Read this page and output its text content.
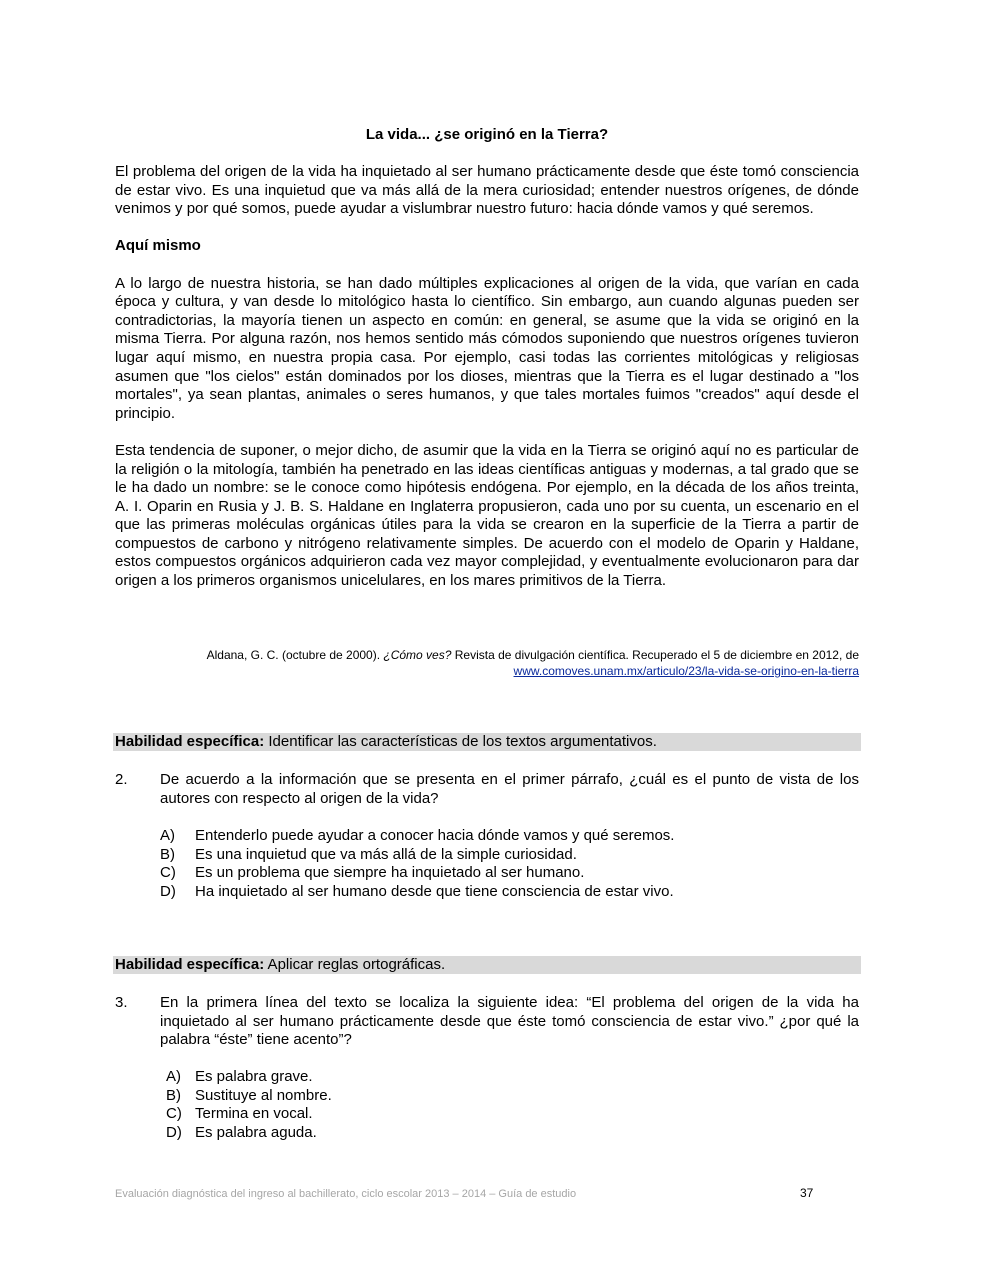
La vida... ¿se originó en la Tierra?

El problema del origen de la vida ha inquietado al ser humano prácticamente desde que éste tomó consciencia de estar vivo. Es una inquietud que va más allá de la mera curiosidad; entender nuestros orígenes, de dónde venimos y por qué somos, puede ayudar a vislumbrar nuestro futuro: hacia dónde vamos y qué seremos.

Aquí mismo

A lo largo de nuestra historia, se han dado múltiples explicaciones al origen de la vida, que varían en cada época y cultura, y van desde lo mitológico hasta lo científico. Sin embargo, aun cuando algunas pueden ser contradictorias, la mayoría tienen un aspecto en común: en general, se asume que la vida se originó en la misma Tierra. Por alguna razón, nos hemos sentido más cómodos suponiendo que nuestros orígenes tuvieron lugar aquí mismo, en nuestra propia casa. Por ejemplo, casi todas las corrientes mitológicas y religiosas asumen que "los cielos" están dominados por los dioses, mientras que la Tierra es el lugar destinado a "los mortales", ya sean plantas, animales o seres humanos, y que tales mortales fuimos "creados" aquí desde el principio.

Esta tendencia de suponer, o mejor dicho, de asumir que la vida en la Tierra se originó aquí no es particular de la religión o la mitología, también ha penetrado en las ideas científicas antiguas y modernas, a tal grado que se le ha dado un nombre: se le conoce como hipótesis endógena. Por ejemplo, en la década de los años treinta, A. I. Oparin en Rusia y J. B. S. Haldane en Inglaterra propusieron, cada uno por su cuenta, un escenario en el que las primeras moléculas orgánicas útiles para la vida se crearon en la superficie de la Tierra a partir de compuestos de carbono y nitrógeno relativamente simples. De acuerdo con el modelo de Oparin y Haldane, estos compuestos orgánicos adquirieron cada vez mayor complejidad, y eventualmente evolucionaron para dar origen a los primeros organismos unicelulares, en los mares primitivos de la Tierra.

Aldana, G. C. (octubre de 2000). ¿Cómo ves? Revista de divulgación científica. Recuperado el 5 de diciembre en 2012, de
www.comoves.unam.mx/articulo/23/la-vida-se-origino-en-la-tierra
Habilidad específica: Identificar las características de los textos argumentativos.
2. De acuerdo a la información que se presenta en el primer párrafo, ¿cuál es el punto de vista de los autores con respecto al origen de la vida?
A)	Entenderlo puede ayudar a conocer hacia dónde vamos y qué seremos.
B)	Es una inquietud que va más allá de la simple curiosidad.
C)	Es un problema que siempre ha inquietado al ser humano.
D)	Ha inquietado al ser humano desde que tiene consciencia de estar vivo.
Habilidad específica: Aplicar reglas ortográficas.
3. En la primera línea del texto se localiza la siguiente idea: “El problema del origen de la vida ha inquietado al ser humano prácticamente desde que éste tomó consciencia de estar vivo.” ¿por qué la palabra “éste” tiene acento”?
A) Es palabra grave.
B) Sustituye al nombre.
C) Termina en vocal.
D) Es palabra aguda.
Evaluación diagnóstica del ingreso al bachillerato, ciclo escolar 2013 – 2014 – Guía de estudio	37
